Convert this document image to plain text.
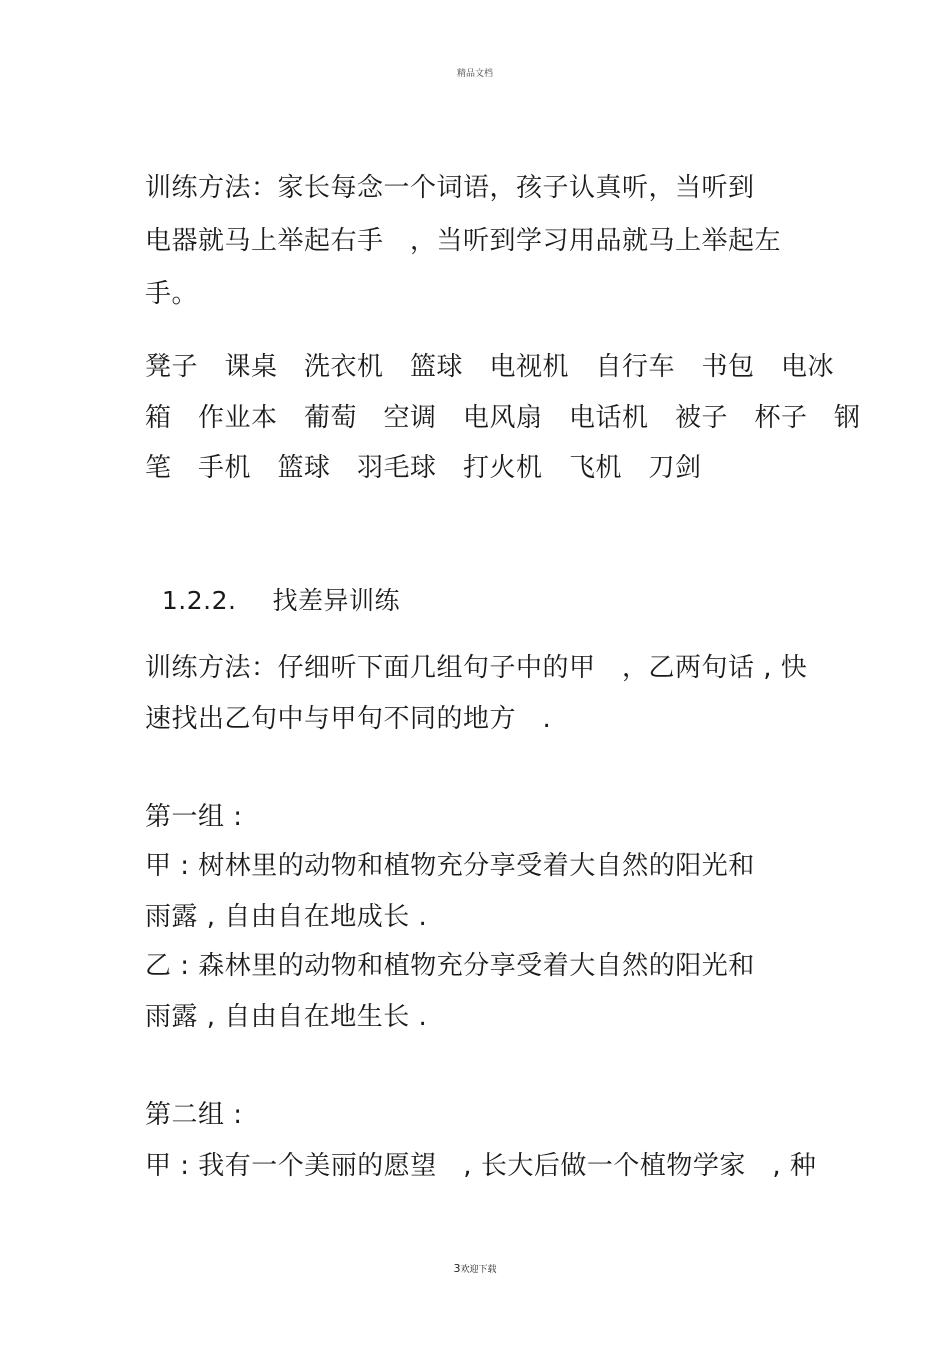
精品文档
训练方法：家长每念一个词语，孩子认真听，当听到
电器就马上举起右手　，当听到学习用品就马上举起左
手。
凳子　课桌　洗衣机　篮球　电视机　自行车　书包　电冰
箱　作业本　葡萄　空调　电风扇　电话机　被子　杯子　钢
笔　手机　篮球　羽毛球　打火机　飞机　刀剑

1.2.2. 找差异训练

训练方法：仔细听下面几组句子中的甲　，乙两句话 , 快
速找出乙句中与甲句不同的地方　.
第一组 :
甲 : 树林里的动物和植物充分享受着大自然的阳光和
雨露 , 自由自在地成长 .
乙 : 森林里的动物和植物充分享受着大自然的阳光和
雨露 , 自由自在地生长 .
第二组 :
甲 : 我有一个美丽的愿望　, 长大后做一个植物学家　, 种
3欢迎下载
